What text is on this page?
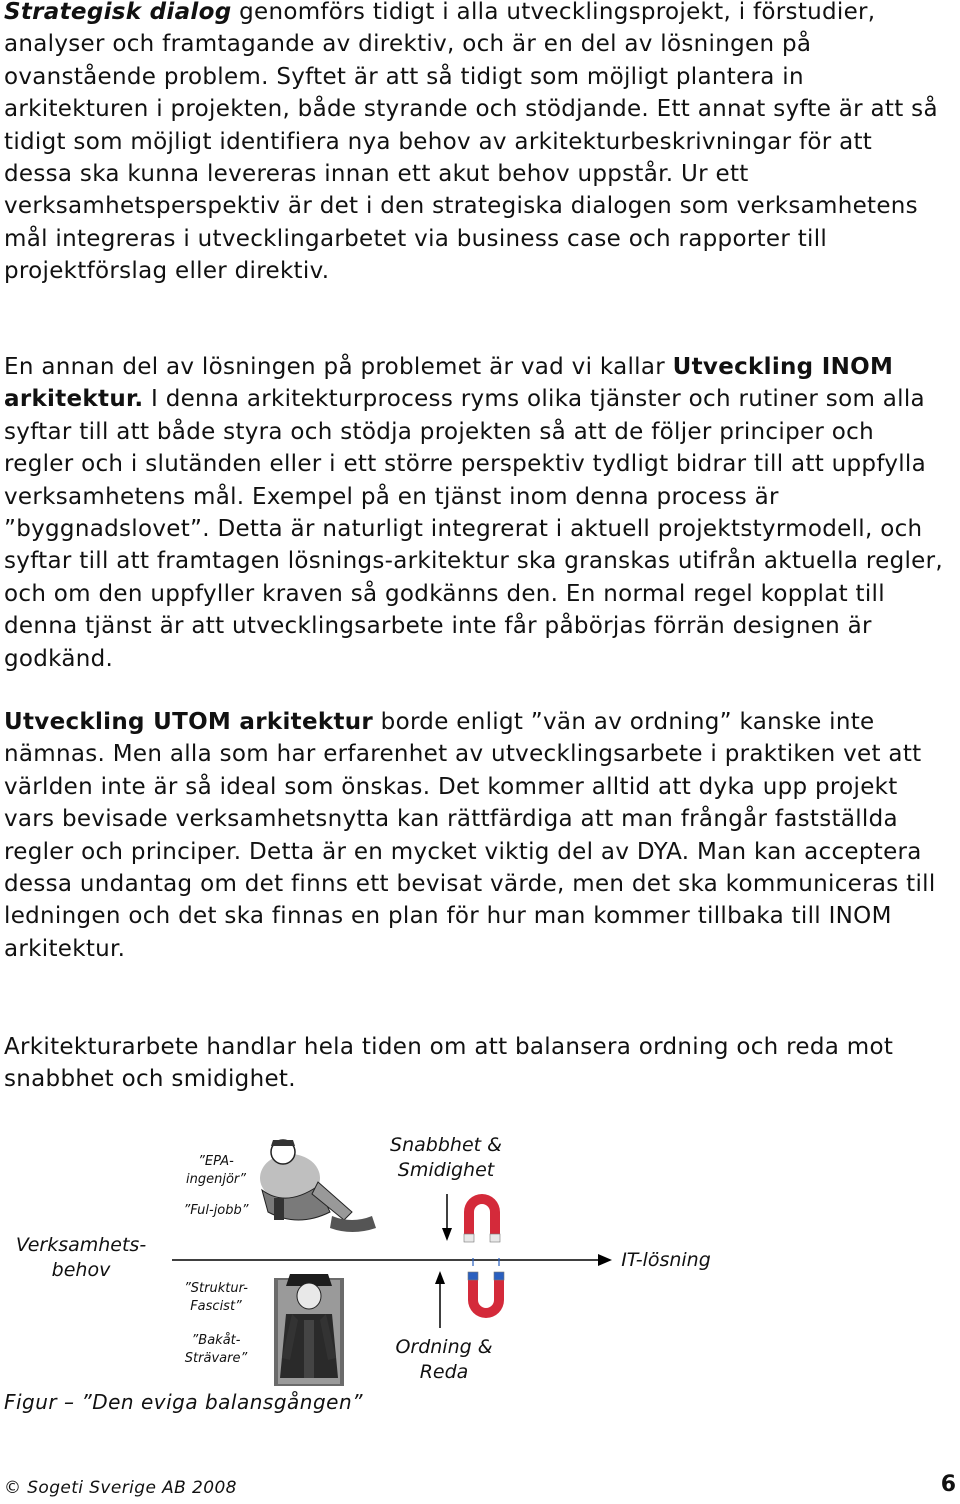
Strategisk dialog genomförs tidigt i alla utvecklingsprojekt, i förstudier, analyser och framtagande av direktiv, och är en del av lösningen på ovanstående problem. Syftet är att så tidigt som möjligt plantera in arkitekturen i projekten, både styrande och stödjande. Ett annat syfte är att så tidigt som möjligt identifiera nya behov av arkitekturbeskrivningar för att dessa ska kunna levereras innan ett akut behov uppstår. Ur ett verksamhetsperspektiv är det i den strategiska dialogen som verksamhetens mål integreras i utvecklingarbetet via business case och rapporter till projektförslag eller direktiv.

En annan del av lösningen på problemet är vad vi kallar Utveckling INOM arkitektur. I denna arkitekturprocess ryms olika tjänster och rutiner som alla syftar till att både styra och stödja projekten så att de följer principer och regler och i slutänden eller i ett större perspektiv tydligt bidrar till att uppfylla verksamhetens mål. Exempel på en tjänst inom denna process är ”byggnadslovet”. Detta är naturligt integrerat i aktuell projektstyrmodell, och syftar till att framtagen lösnings-arkitektur ska granskas utifrån aktuella regler, och om den uppfyller kraven så godkänns den. En normal regel kopplat till denna tjänst är att utvecklingsarbete inte får påbörjas förrän designen är godkänd.

Utveckling UTOM arkitektur borde enligt ”vän av ordning” kanske inte nämnas. Men alla som har erfarenhet av utvecklingsarbete i praktiken vet att världen inte är så ideal som önskas. Det kommer alltid att dyka upp projekt vars bevisade verksamhetsnytta kan rättfärdiga att man frångår fastställda regler och principer. Detta är en mycket viktig del av DYA. Man kan acceptera dessa undantag om det finns ett bevisat värde, men det ska kommuniceras till ledningen och det ska finnas en plan för hur man kommer tillbaka till INOM arkitektur.

Arkitekturarbete handlar hela tiden om att balansera ordning och reda mot snabbhet och smidighet.

Verksamhets-
behov	IT-lösning
Snabbhet &
Smidighet
Ordning &
Reda
”EPA-
ingenjör”
”Ful-jobb”
”Struktur-
Fascist”
”Bakåt-
Strävare”
Figur – ”Den eviga balansgången”
© Sogeti Sverige AB 2008	6
